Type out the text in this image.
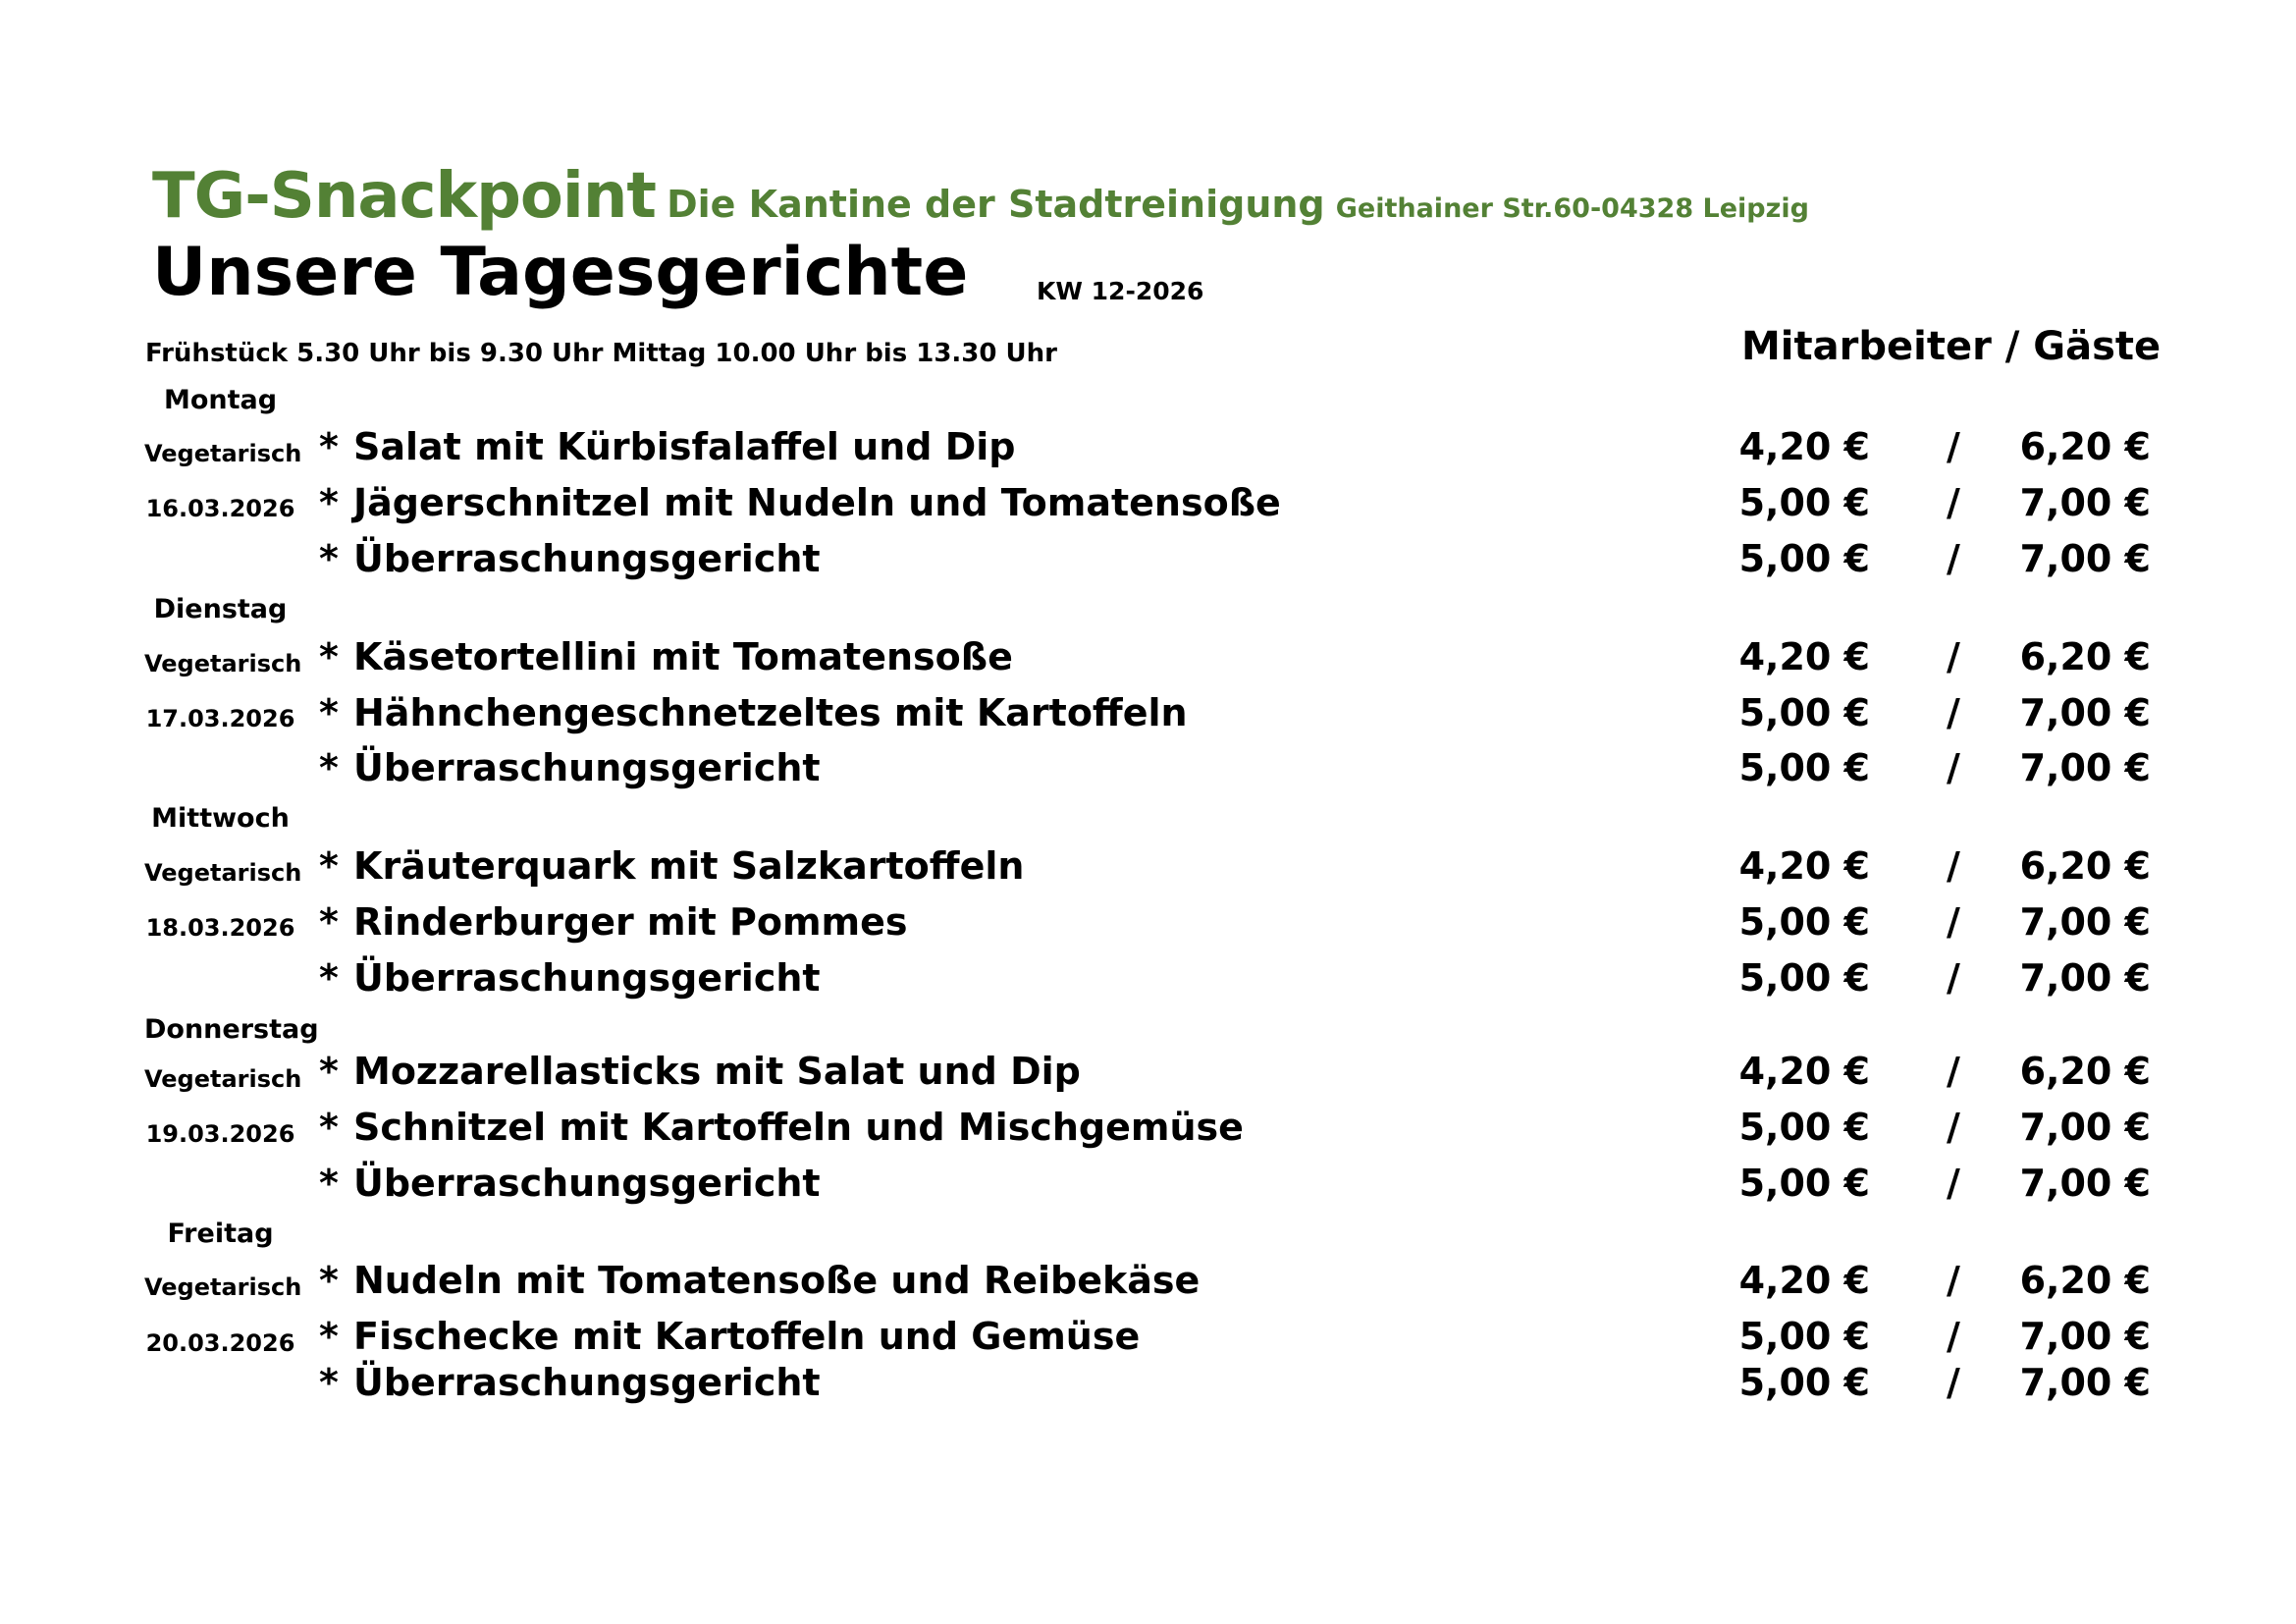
TG-Snackpoint Die Kantine der Stadtreinigung Geithainer Str.60-04328 Leipzig
Unsere Tagesgerichte	KW 12-2026
Frühstück 5.30 Uhr bis 9.30 Uhr Mittag 10.00 Uhr bis 13.30 Uhr	Mitarbeiter / Gäste
Montag
Vegetarisch
16.03.2026
* Salat mit Kürbisfalaffel und Dip	4,20 € /	6,20 €
* Jägerschnitzel mit Nudeln und Tomatensoße	5,00 € /	7,00 €
* Überraschungsgericht	5,00 € /	7,00 €
Dienstag
Vegetarisch
17.03.2026
* Käsetortellini mit Tomatensoße	4,20 € /	6,20 €
* Hähnchengeschnetzeltes mit Kartoffeln	5,00 € /	7,00 €
* Überraschungsgericht	5,00 € /	7,00 €
Mittwoch
Vegetarisch
18.03.2026
* Kräuterquark mit Salzkartoffeln	4,20 € /	6,20 €
* Rinderburger mit Pommes	5,00 € /	7,00 €
* Überraschungsgericht	5,00 € /	7,00 €
Donnerstag
Vegetarisch
19.03.2026
* Mozzarellasticks mit Salat und Dip	4,20 € /	6,20 €
* Schnitzel mit Kartoffeln und Mischgemüse	5,00 € /	7,00 €
* Überraschungsgericht	5,00 € /	7,00 €
Freitag
Vegetarisch
20.03.2026
* Nudeln mit Tomatensoße und Reibekäse	4,20 € /	6,20 €
* Fischecke mit Kartoffeln und Gemüse	5,00 € /	7,00 €
* Überraschungsgericht	5,00 € /	7,00 €
